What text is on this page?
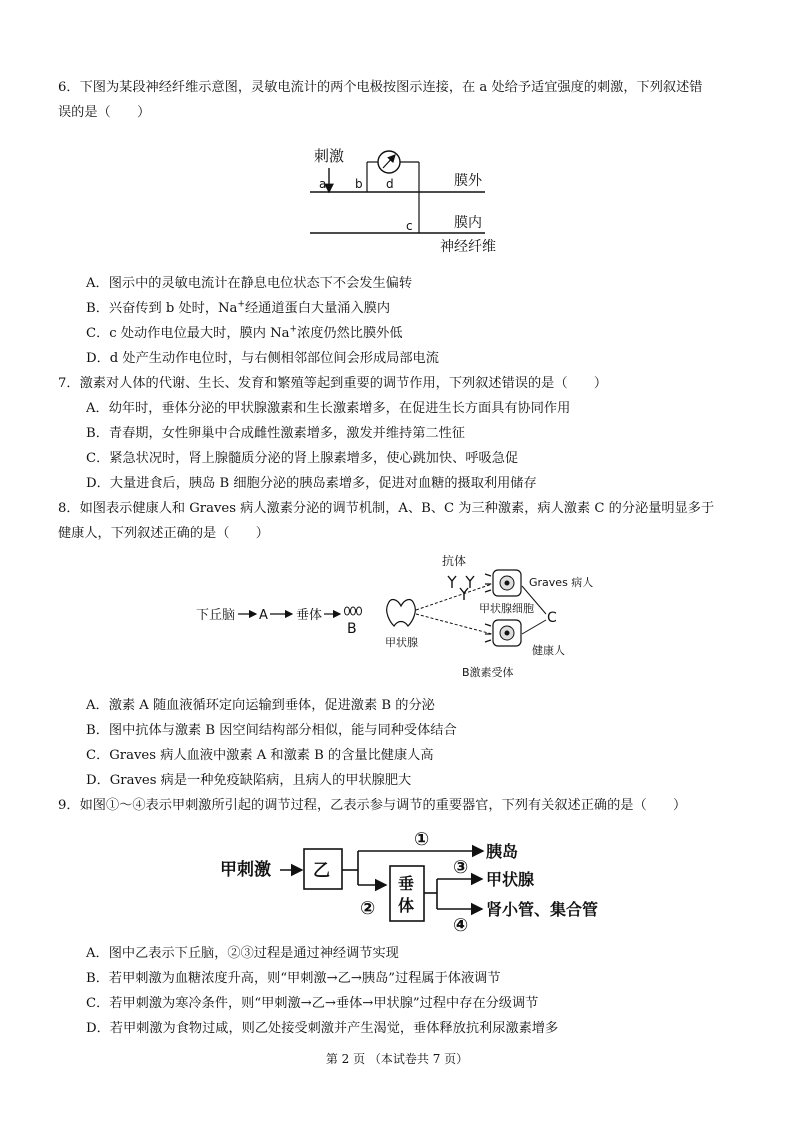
6．下图为某段神经纤维示意图，灵敏电流计的两个电极按图示连接，在 a 处给予适宜强度的刺激，下列叙述错
误的是（　　）
刺激
a b d	膜外
膜内
神经纤维
c
A．图示中的灵敏电流计在静息电位状态下不会发生偏转
B．兴奋传到 b 处时，Na+经通道蛋白大量涌入膜内
C．c 处动作电位最大时，膜内 Na+浓度仍然比膜外低
D．d 处产生动作电位时，与右侧相邻部位间会形成局部电流
7．激素对人体的代谢、生长、发育和繁殖等起到重要的调节作用，下列叙述错误的是（　　）
A．幼年时，垂体分泌的甲状腺激素和生长激素增多，在促进生长方面具有协同作用
B．青春期，女性卵巢中合成雌性激素增多，激发并维持第二性征
C．紧急状况时，肾上腺髓质分泌的肾上腺素增多，使心跳加快、呼吸急促
D．大量进食后，胰岛 B 细胞分泌的胰岛素增多，促进对血糖的摄取利用储存
8．如图表示健康人和 Graves 病人激素分泌的调节机制，A、B、C 为三种激素，病人激素 C 的分泌量明显多于
健康人，下列叙述正确的是（　　）
下丘脑 A 垂体
B
甲状腺
抗体
Graves 病人
甲状腺细胞
健康人
C
B激素受体
A．激素 A 随血液循环定向运输到垂体，促进激素 B 的分泌
B．图中抗体与激素 B 因空间结构部分相似，能与同种受体结合
C．Graves 病人血液中激素 A 和激素 B 的含量比健康人高
D．Graves 病是一种免疫缺陷病，且病人的甲状腺肥大
9．如图①～④表示甲刺激所引起的调节过程，乙表示参与调节的重要器官，下列有关叙述正确的是（　　）
甲刺激 乙
①
胰岛
②
垂
体
③
甲状腺
④
肾小管、集合管
A．图中乙表示下丘脑，②③过程是通过神经调节实现
B．若甲刺激为血糖浓度升高，则“甲刺激→乙→胰岛”过程属于体液调节
C．若甲刺激为寒冷条件，则“甲刺激→乙→垂体→甲状腺”过程中存在分级调节
D．若甲刺激为食物过咸，则乙处接受刺激并产生渴觉，垂体释放抗利尿激素增多
第 2 页 （本试卷共 7 页）
